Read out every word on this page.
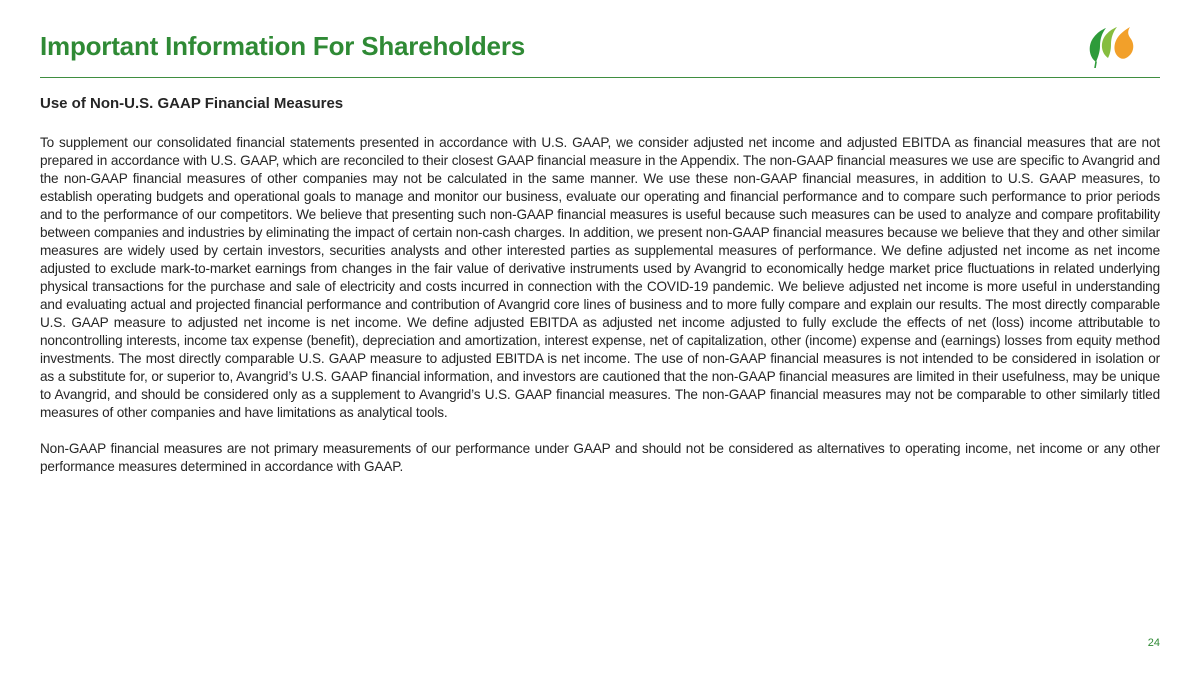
Important Information For Shareholders
Use of Non-U.S. GAAP Financial Measures

To supplement our consolidated financial statements presented in accordance with U.S. GAAP, we consider adjusted net income and adjusted EBITDA as financial measures that are not prepared in accordance with U.S. GAAP, which are reconciled to their closest GAAP financial measure in the Appendix. The non-GAAP financial measures we use are specific to Avangrid and the non-GAAP financial measures of other companies may not be calculated in the same manner. We use these non-GAAP financial measures, in addition to U.S. GAAP measures, to establish operating budgets and operational goals to manage and monitor our business, evaluate our operating and financial performance and to compare such performance to prior periods and to the performance of our competitors. We believe that presenting such non-GAAP financial measures is useful because such measures can be used to analyze and compare profitability between companies and industries by eliminating the impact of certain non-cash charges. In addition, we present non-GAAP financial measures because we believe that they and other similar measures are widely used by certain investors, securities analysts and other interested parties as supplemental measures of performance. We define adjusted net income as net income adjusted to exclude mark-to-market earnings from changes in the fair value of derivative instruments used by Avangrid to economically hedge market price fluctuations in related underlying physical transactions for the purchase and sale of electricity and costs incurred in connection with the COVID-19 pandemic. We believe adjusted net income is more useful in understanding and evaluating actual and projected financial performance and contribution of Avangrid core lines of business and to more fully compare and explain our results. The most directly comparable U.S. GAAP measure to adjusted net income is net income. We define adjusted EBITDA as adjusted net income adjusted to fully exclude the effects of net (loss) income attributable to noncontrolling interests, income tax expense (benefit), depreciation and amortization, interest expense, net of capitalization, other (income) expense and (earnings) losses from equity method investments. The most directly comparable U.S. GAAP measure to adjusted EBITDA is net income. The use of non-GAAP financial measures is not intended to be considered in isolation or as a substitute for, or superior to, Avangrid’s U.S. GAAP financial information, and investors are cautioned that the non-GAAP financial measures are limited in their usefulness, may be unique to Avangrid, and should be considered only as a supplement to Avangrid’s U.S. GAAP financial measures. The non-GAAP financial measures may not be comparable to other similarly titled measures of other companies and have limitations as analytical tools.

Non-GAAP financial measures are not primary measurements of our performance under GAAP and should not be considered as alternatives to operating income, net income or any other performance measures determined in accordance with GAAP.

24
